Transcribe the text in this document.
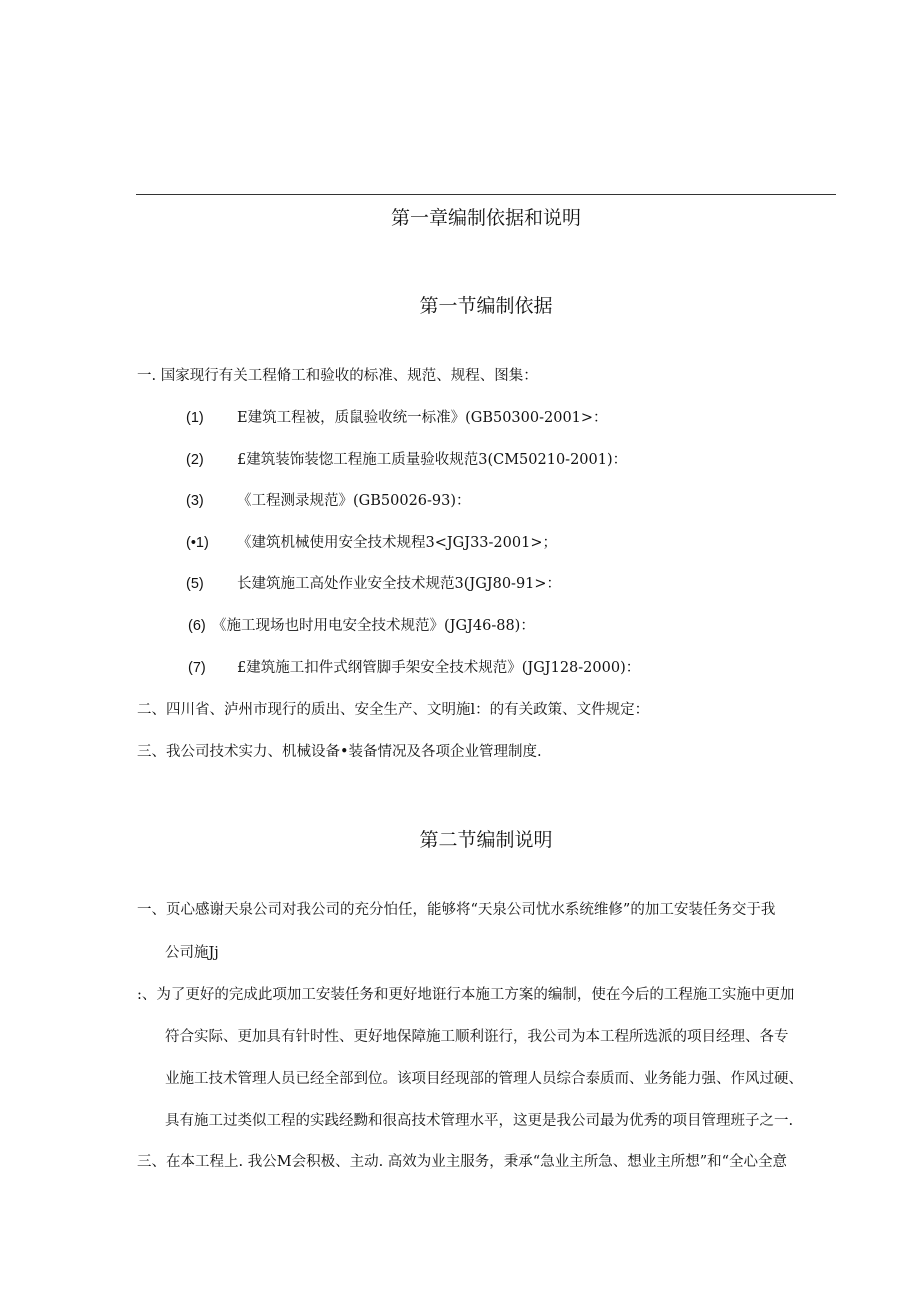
第一章编制依据和说明
第一节编制依据
一. 国家现行有关工程脩工和验收的标准、规范、规程、图集：
(1) E建筑工程被，质鼠验收统一标准》(GB50300-2001>：
(2) £建筑装饰装惚工程施工质量验收规范3(CM50210-2001)：
(3) 《工程测录规范》(GB50026-93)：
(•1) 《建筑机械使用安全技术规程3<JGJ33-2001>；
(5) 长建筑施工高处作业安全技术规范3(JGJ80-91>：
(6) 《施工现场也时用电安全技术规范》(JGJ46-88)：
(7) £建筑施工扣件式纲管脚手架安全技术规范》(JGJ128-2000)：
二、四川省、泸州市现行的质出、安全生产、文明施l：的有关政策、文件规定：
三、我公司技术实力、机械设备•装备情况及各项企业管理制度.
第二节编制说明
一、页心感谢天泉公司对我公司的充分怕任，能够将“天泉公司忧水系统维修”的加工安装任务交于我
公司施Jj
:、为了更好的完成此项加工安装任务和更好地诳行本施工方案的编制，使在今后的工程施工实施中更加
符合实际、更加具有针时性、更好地保障施工顺利诳行，我公司为本工程所选派的项目经理、各专
业施工技术管理人员已经全部到位。该项目经现部的管理人员综合泰质而、业务能力强、作风过硬、
具有施工过类似工程的实践经黝和很高技术管理水平，这更是我公司最为优秀的项目管理班子之一.
三、在本工程上. 我公M会积极、主动. 高效为业主服务，秉承“急业主所急、想业主所想”和“全心全意
